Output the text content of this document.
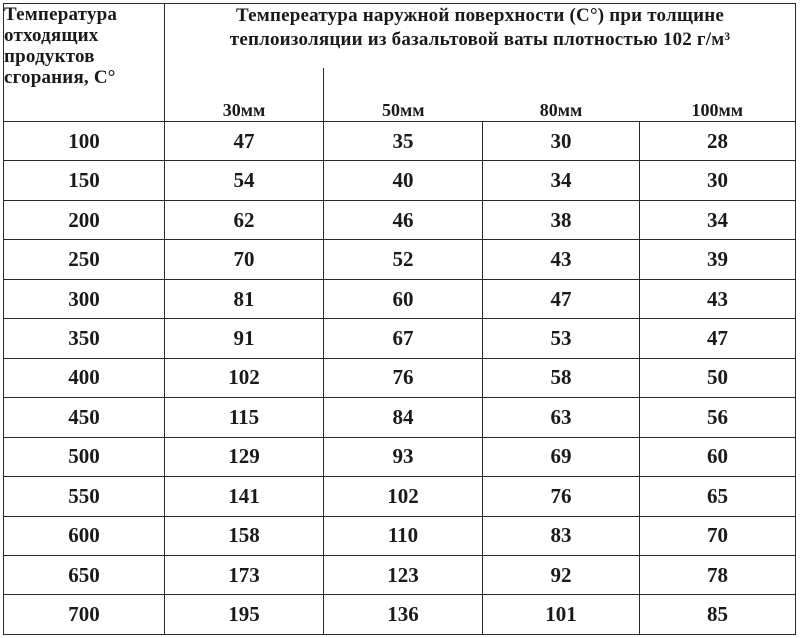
Температура
отходящих
продуктов
сгорания, С°	Темпереатура наружной поверхности (С°) при толщине
теплоизоляции из базальтовой ваты плотностью 102 г/м³			

	30мм	50мм	80мм	100мм
100	47	35	30	28
150	54	40	34	30
200	62	46	38	34
250	70	52	43	39
300	81	60	47	43
350	91	67	53	47
400	102	76	58	50
450	115	84	63	56
500	129	93	69	60
550	141	102	76	65
600	158	110	83	70
650	173	123	92	78
700	195	136	101	85
